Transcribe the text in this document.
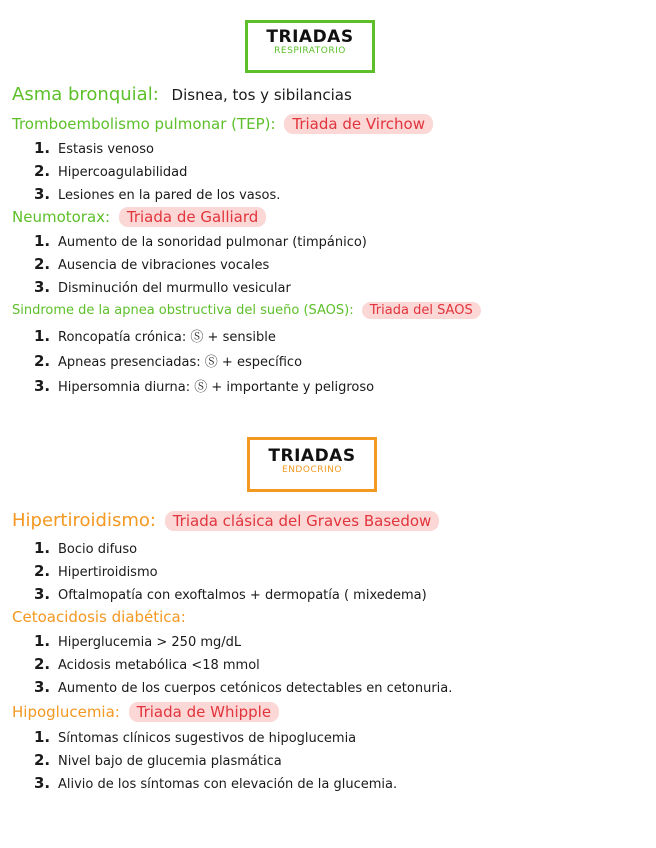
TRIADAS
RESPIRATORIO
Asma bronquial: Disnea, tos y sibilancias
Tromboembolismo pulmonar (TEP): Triada de Virchow
1. Estasis venoso
2. Hipercoagulabilidad
3. Lesiones en la pared de los vasos.
Neumotorax: Triada de Galliard
1. Aumento de la sonoridad pulmonar (timpánico)
2. Ausencia de vibraciones vocales
3. Disminución del murmullo vesicular
Sindrome de la apnea obstructiva del sueño (SAOS): Triada del SAOS
1. Roncopatía crónica: Ⓢ + sensible
2. Apneas presenciadas: Ⓢ + específico
3. Hipersomnia diurna: Ⓢ + importante y peligroso
TRIADAS
ENDOCRINO
Hipertiroidismo: Triada clásica del Graves Basedow
1. Bocio difuso
2. Hipertiroidismo
3. Oftalmopatía con exoftalmos + dermopatía ( mixedema)
Cetoacidosis diabética:
1. Hiperglucemia > 250 mg/dL
2. Acidosis metabólica <18 mmol
3. Aumento de los cuerpos cetónicos detectables en cetonuria.
Hipoglucemia: Triada de Whipple
1. Síntomas clínicos sugestivos de hipoglucemia
2. Nivel bajo de glucemia plasmática
3. Alivio de los síntomas con elevación de la glucemia.
